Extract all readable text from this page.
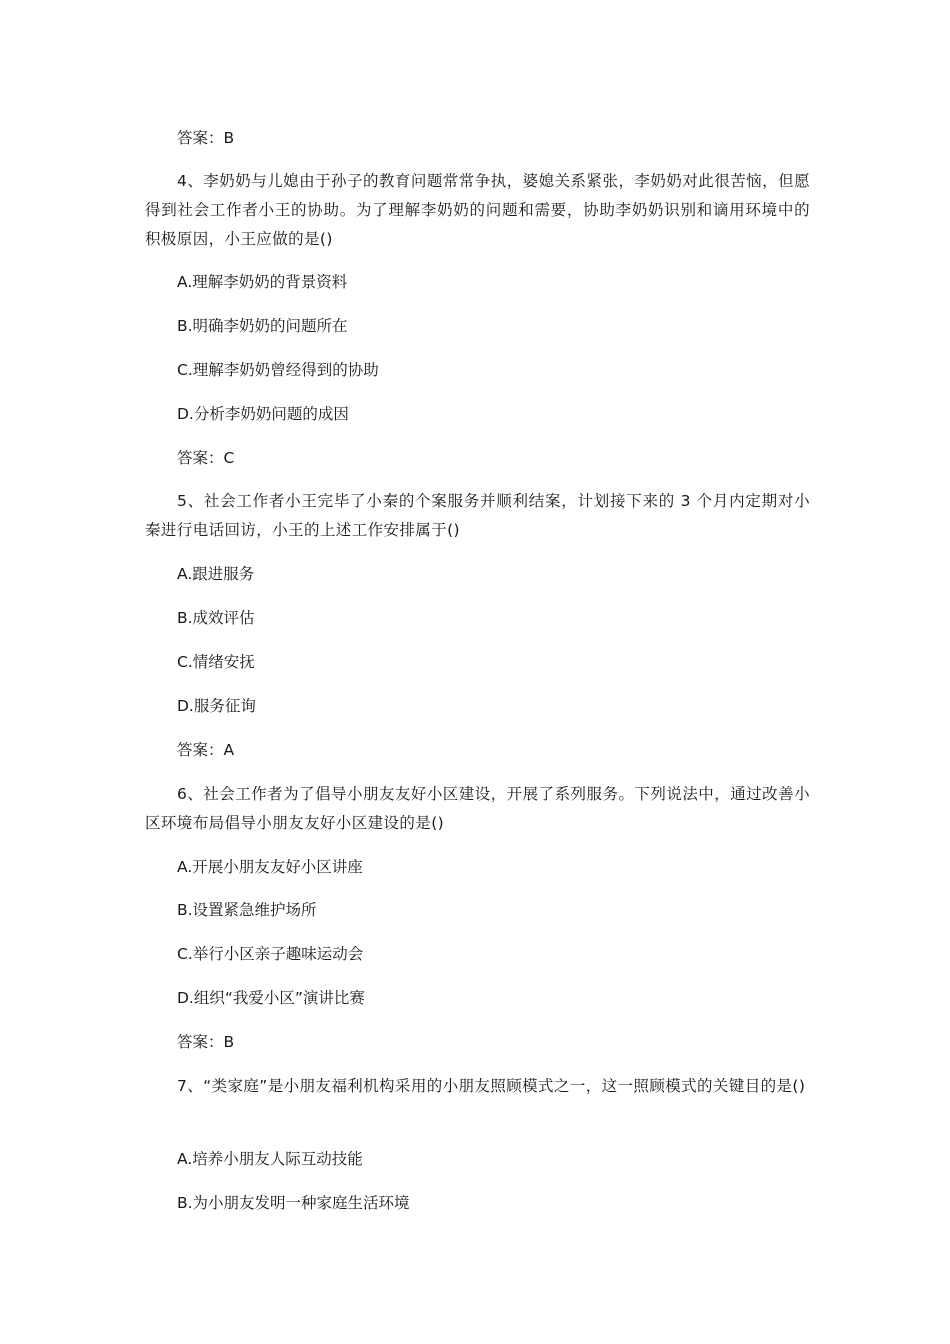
答案：B
4、李奶奶与儿媳由于孙子的教育问题常常争执，婆媳关系紧张，李奶奶对此很苦恼，但愿得到社会工作者小王的协助。为了理解李奶奶的问题和需要，协助李奶奶识别和谪用环境中的积极原因，小王应做的是()
A.理解李奶奶的背景资料
B.明确李奶奶的问题所在
C.理解李奶奶曾经得到的协助
D.分析李奶奶问题的成因
答案：C
5、社会工作者小王完毕了小秦的个案服务并顺利结案，计划接下来的 3 个月内定期对小秦进行电话回访，小王的上述工作安排属于()
A.跟进服务
B.成效评估
C.情绪安抚
D.服务征询
答案：A
6、社会工作者为了倡导小朋友友好小区建设，开展了系列服务。下列说法中，通过改善小区环境布局倡导小朋友友好小区建设的是()
A.开展小朋友友好小区讲座
B.设置紧急维护场所
C.举行小区亲子趣味运动会
D.组织“我爱小区”演讲比赛
答案：B
7、“类家庭”是小朋友福利机构采用的小朋友照顾模式之一，这一照顾模式的关键目的是()
A.培养小朋友人际互动技能
B.为小朋友发明一种家庭生活环境
